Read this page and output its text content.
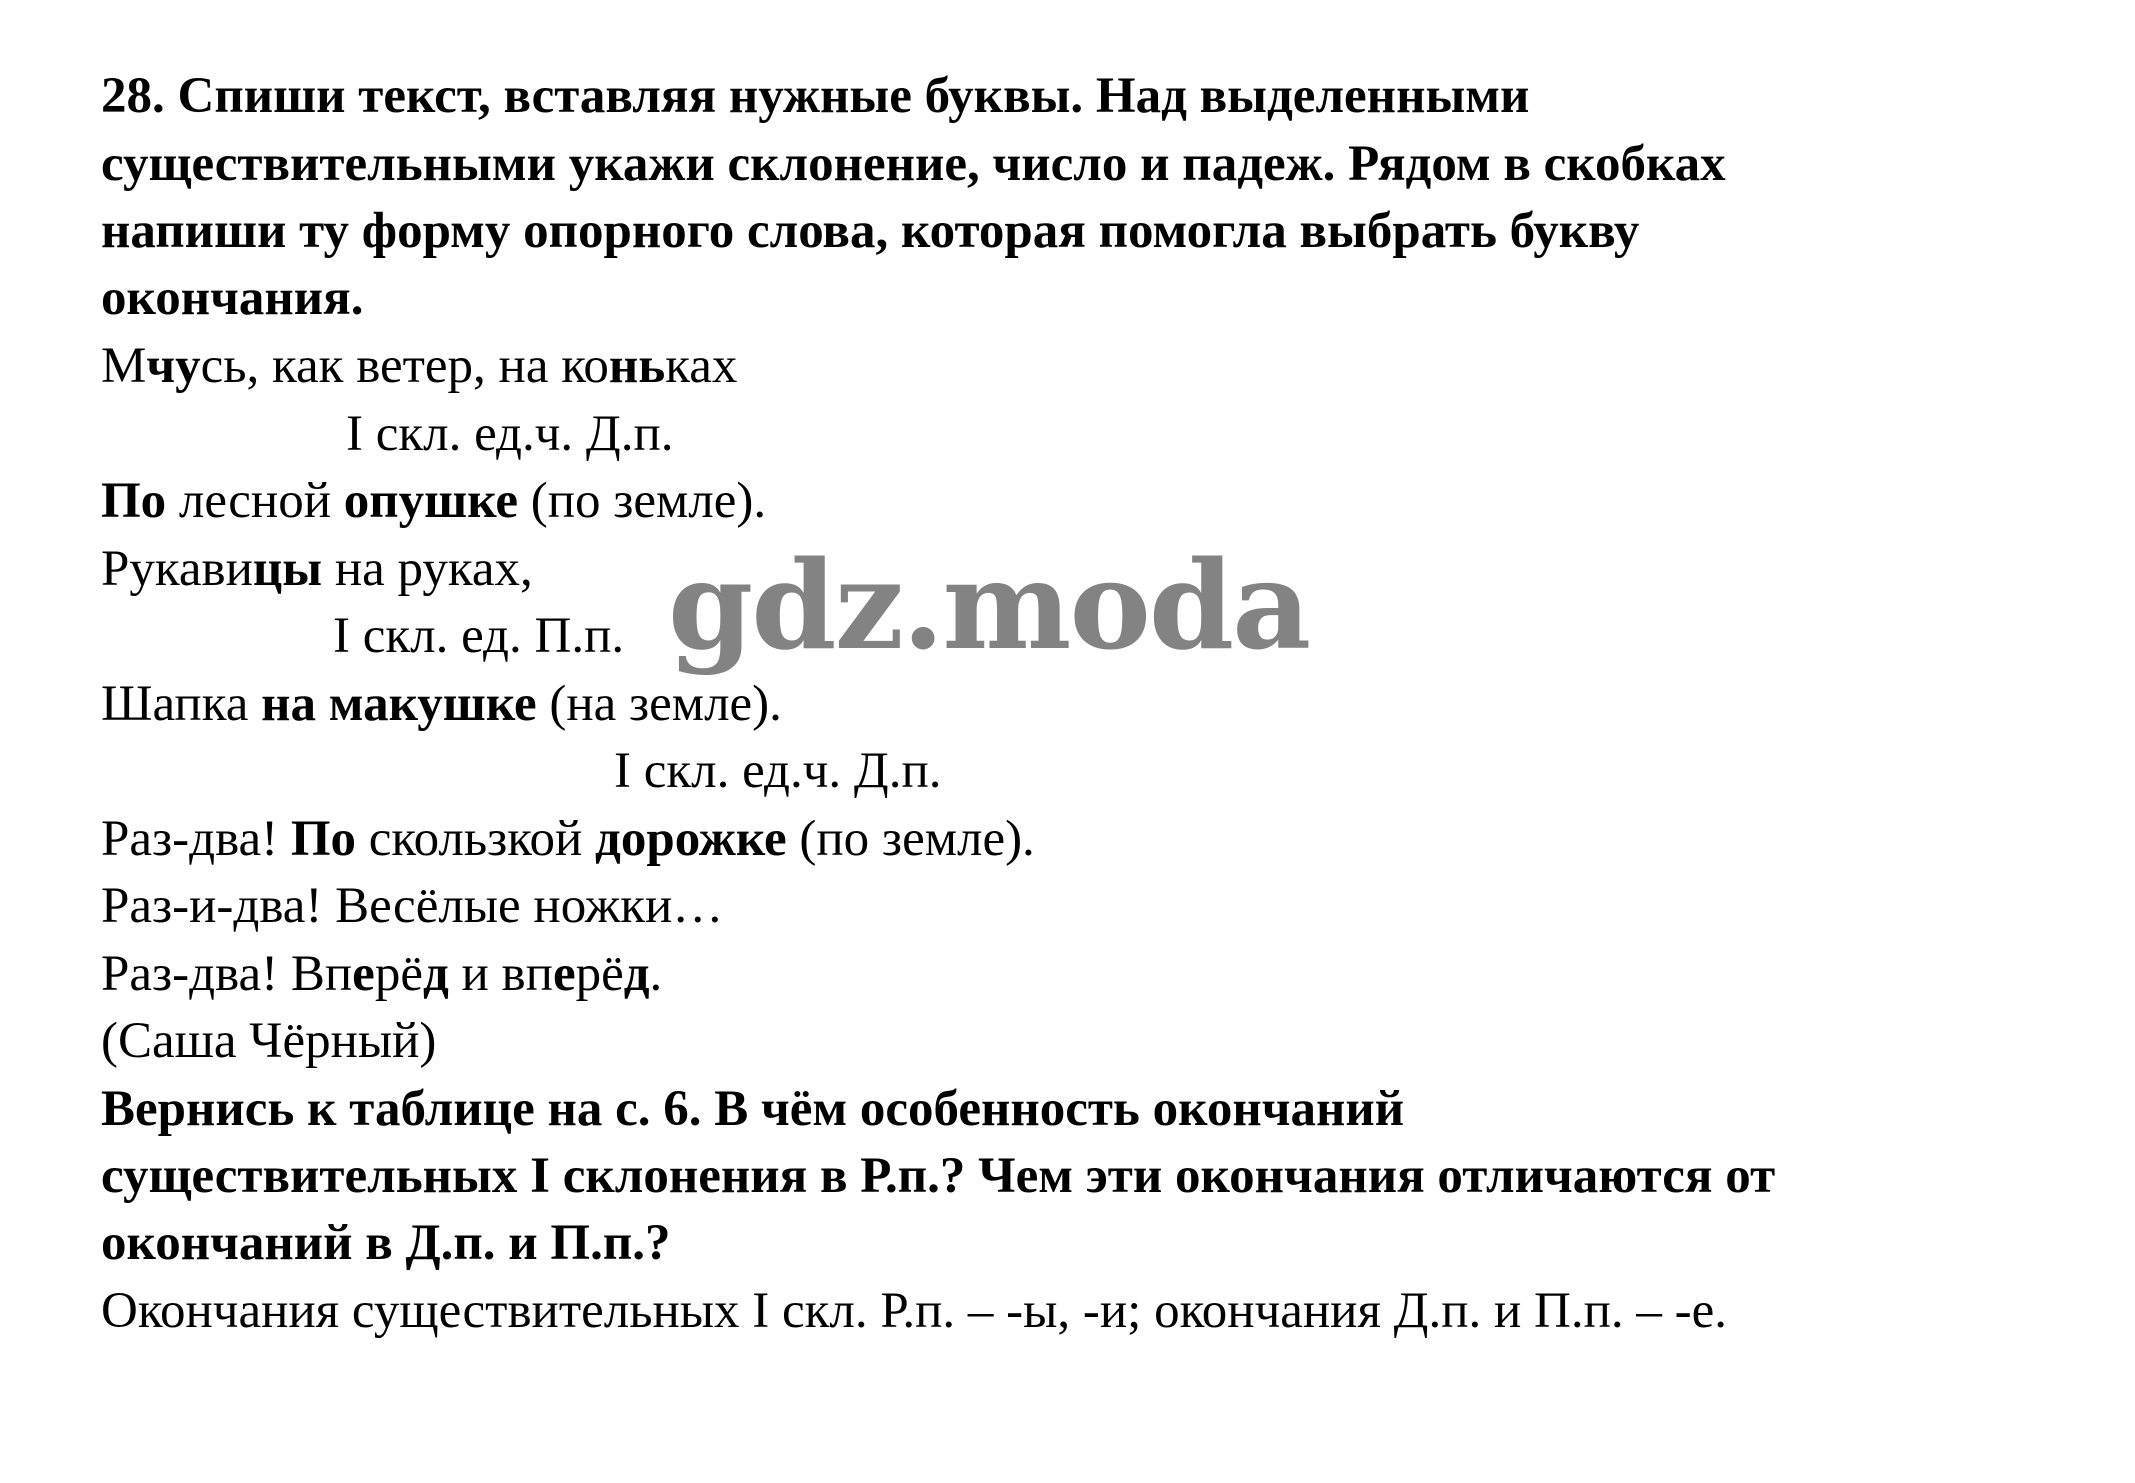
28. Спиши текст, вставляя нужные буквы. Над выделенными
существительными укажи склонение, число и падеж. Рядом в скобках
напиши ту форму опорного слова, которая помогла выбрать букву
окончания.
Мчусь, как ветер, на коньках
I скл. ед.ч. Д.п.
По лесной опушке (по земле).
Рукавицы на руках,
I скл. ед. П.п.
Шапка на макушке (на земле).
I скл. ед.ч. Д.п.
Раз-два! По скользкой дорожке (по земле).
Раз-и-два! Весёлые ножки…
Раз-два! Вперёд и вперёд.
(Саша Чёрный)
Вернись к таблице на с. 6. В чём особенность окончаний
существительных I склонения в Р.п.? Чем эти окончания отличаются от
окончаний в Д.п. и П.п.?
Окончания существительных I скл. Р.п. – -ы, -и; окончания Д.п. и П.п. – -е.
gdz.moda
